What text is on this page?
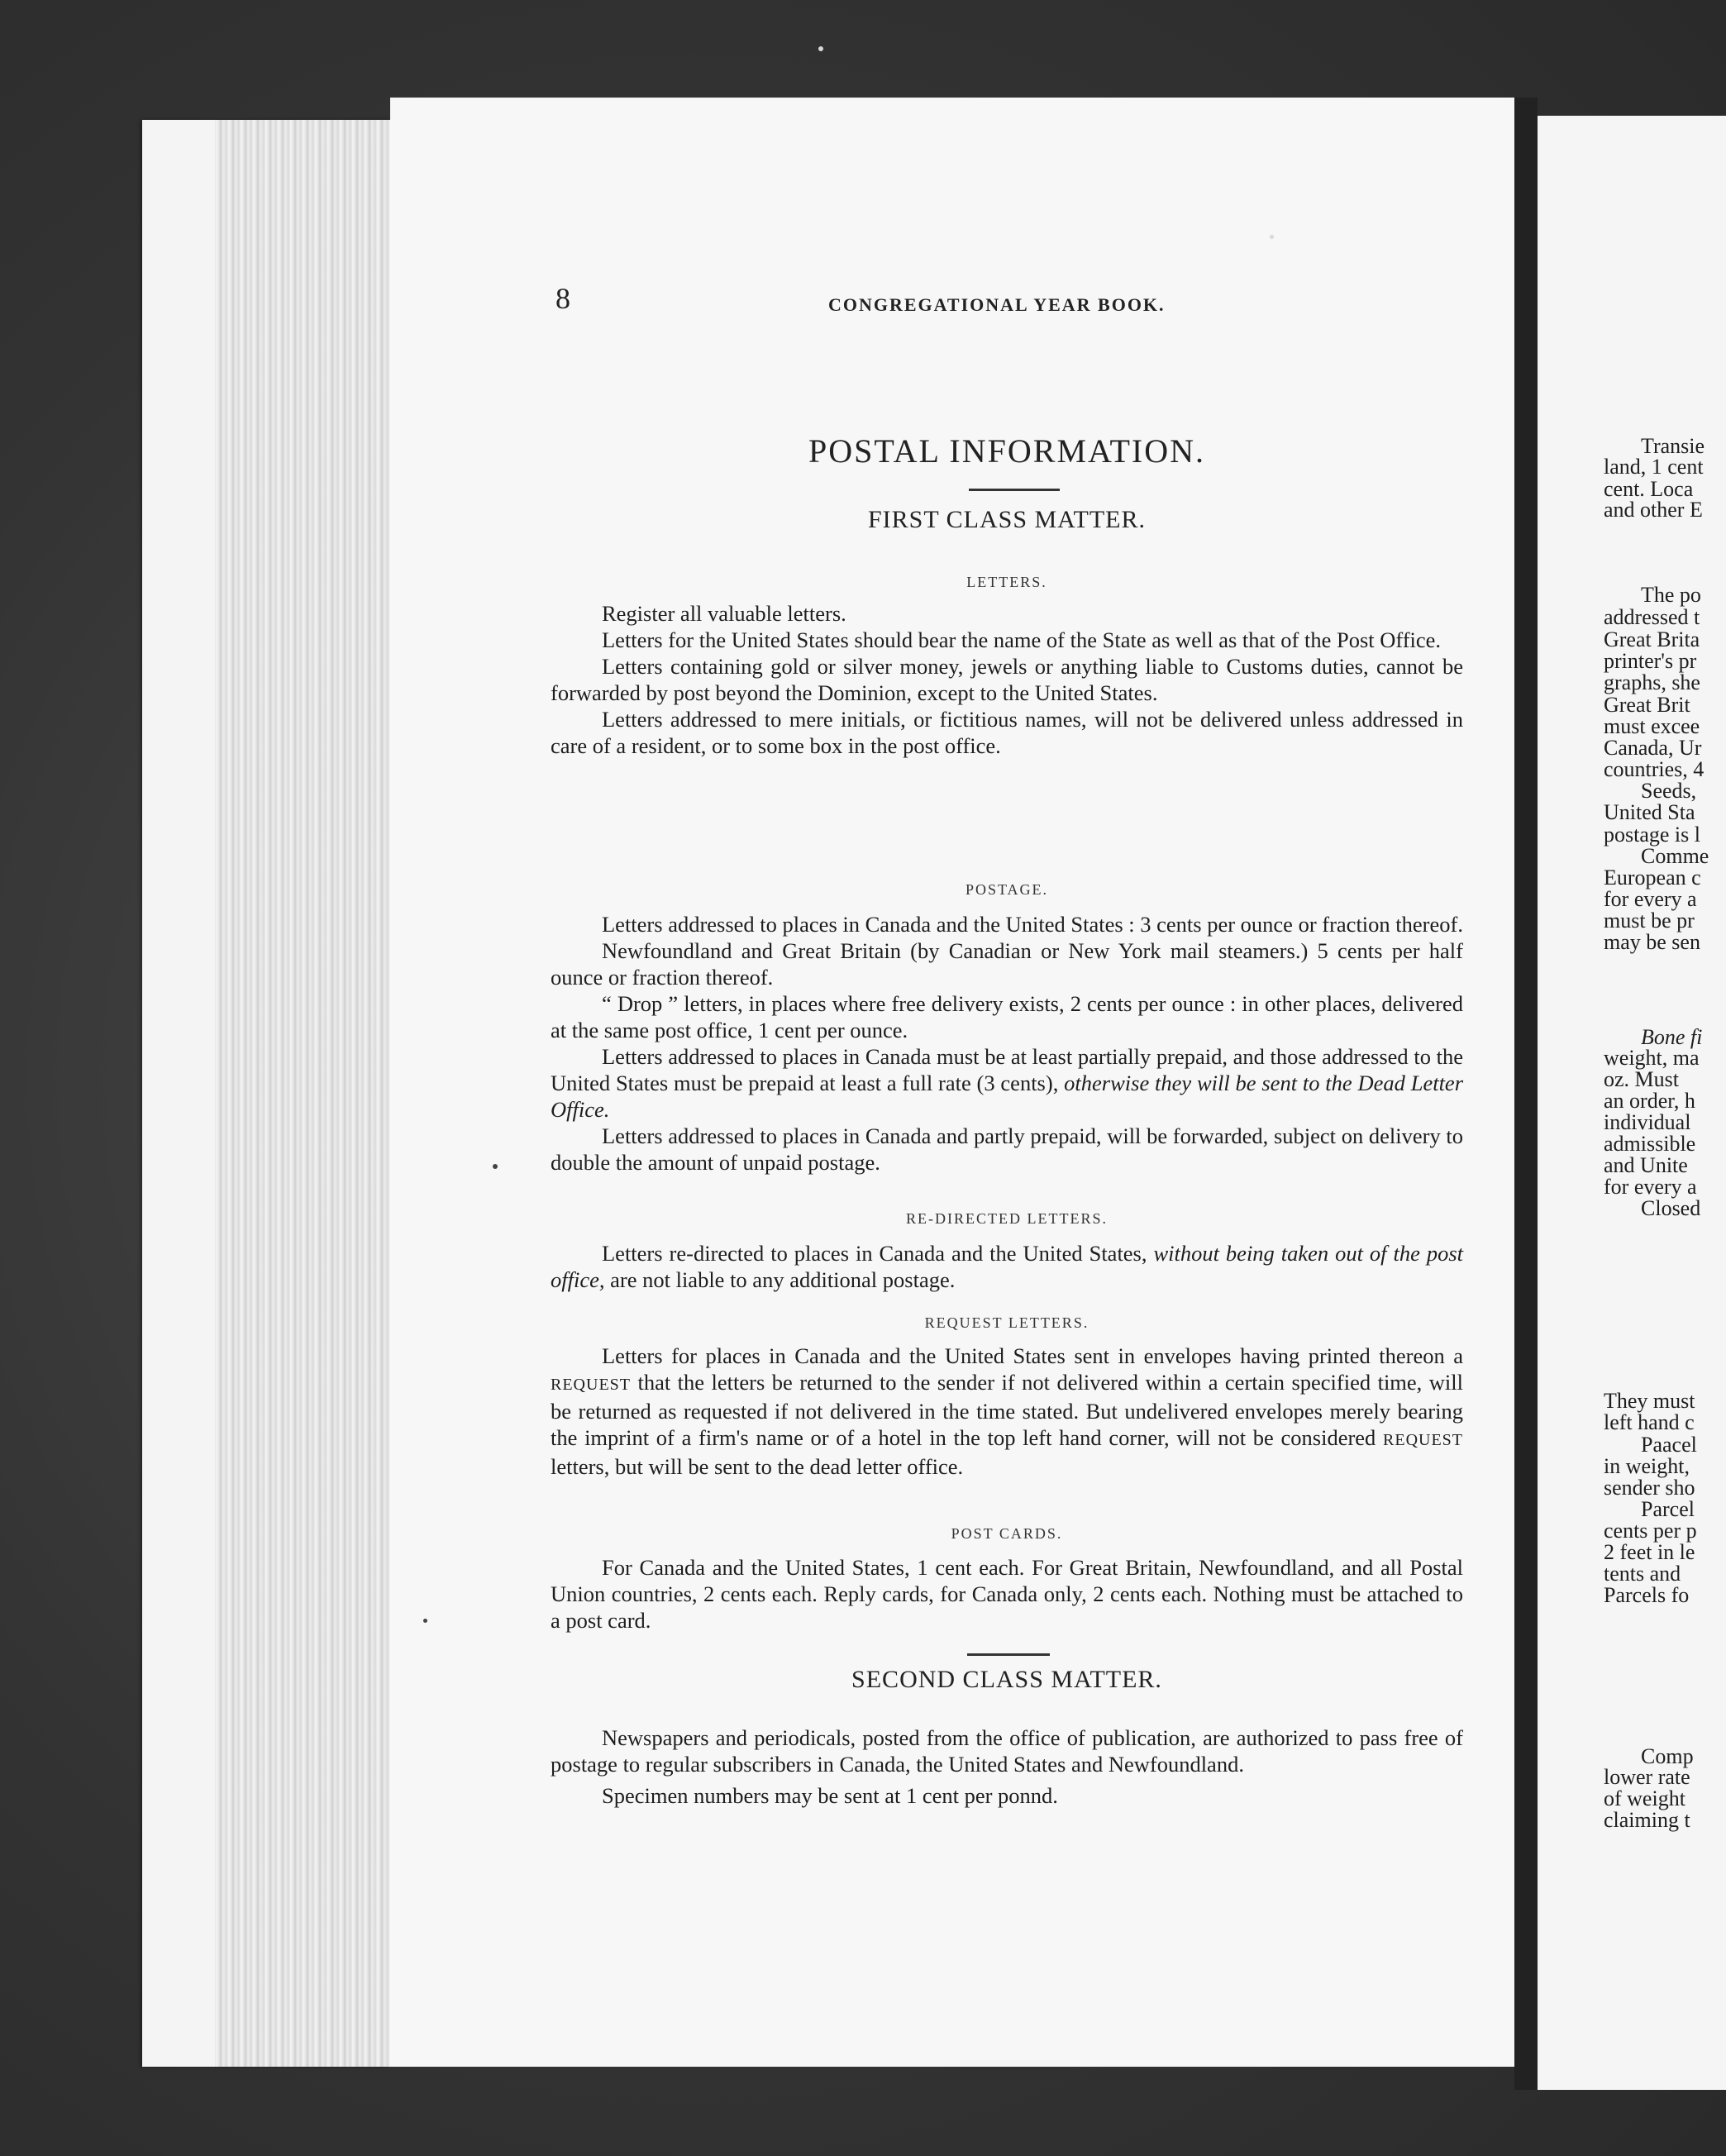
8	CONGREGATIONAL YEAR BOOK.
POSTAL INFORMATION.
FIRST CLASS MATTER.
LETTERS.

Register all valuable letters.

Letters for the United States should bear the name of the State as well as that of the Post Office.

Letters containing gold or silver money, jewels or anything liable to Customs duties, cannot be forwarded by post beyond the Dominion, except to the United States.

Letters addressed to mere initials, or fictitious names, will not be delivered unless addressed in care of a resident, or to some box in the post office.

POSTAGE.

Letters addressed to places in Canada and the United States : 3 cents per ounce or fraction thereof.

Newfoundland and Great Britain (by Canadian or New York mail steamers.) 5 cents per half ounce or fraction thereof.

“ Drop ” letters, in places where free delivery exists, 2 cents per ounce : in other places, delivered at the same post office, 1 cent per ounce.

Letters addressed to places in Canada must be at least partially prepaid, and those addressed to the United States must be prepaid at least a full rate (3 cents), otherwise they will be sent to the Dead Letter Office.

Letters addressed to places in Canada and partly prepaid, will be forwarded, subject on delivery to double the amount of unpaid postage.

RE-DIRECTED LETTERS.

Letters re-directed to places in Canada and the United States, without being taken out of the post office, are not liable to any additional postage.

REQUEST LETTERS.

Letters for places in Canada and the United States sent in envelopes having printed thereon a REQUEST that the letters be returned to the sender if not delivered within a certain specified time, will be returned as requested if not delivered in the time stated. But undelivered envelopes merely bearing the imprint of a firm's name or of a hotel in the top left hand corner, will not be considered REQUEST letters, but will be sent to the dead letter office.

POST CARDS.

For Canada and the United States, 1 cent each. For Great Britain, Newfoundland, and all Postal Union countries, 2 cents each. Reply cards, for Canada only, 2 cents each. Nothing must be attached to a post card.

SECOND CLASS MATTER.

Newspapers and periodicals, posted from the office of publication, are authorized to pass free of postage to regular subscribers in Canada, the United States and Newfoundland.

Specimen numbers may be sent at 1 cent per ponnd.

Transie
land, 1 cent
cent. Loca
and other E
The po
addressed t
Great Brita
printer's pr
graphs, she
Great Brit
must excee
Canada, Ur
countries, 4
Seeds,
United Sta
postage is l
Comme
European c
for every a
must be pr
may be sen
Bone fi
weight, ma
oz. Must
an order, h
individual
admissible
and Unite
for every a
Closed
They must
left hand c
Paacel
in weight,
sender sho
Parcel
cents per p
2 feet in le
tents and
Parcels fo
Comp
lower rate
of weight
claiming t
